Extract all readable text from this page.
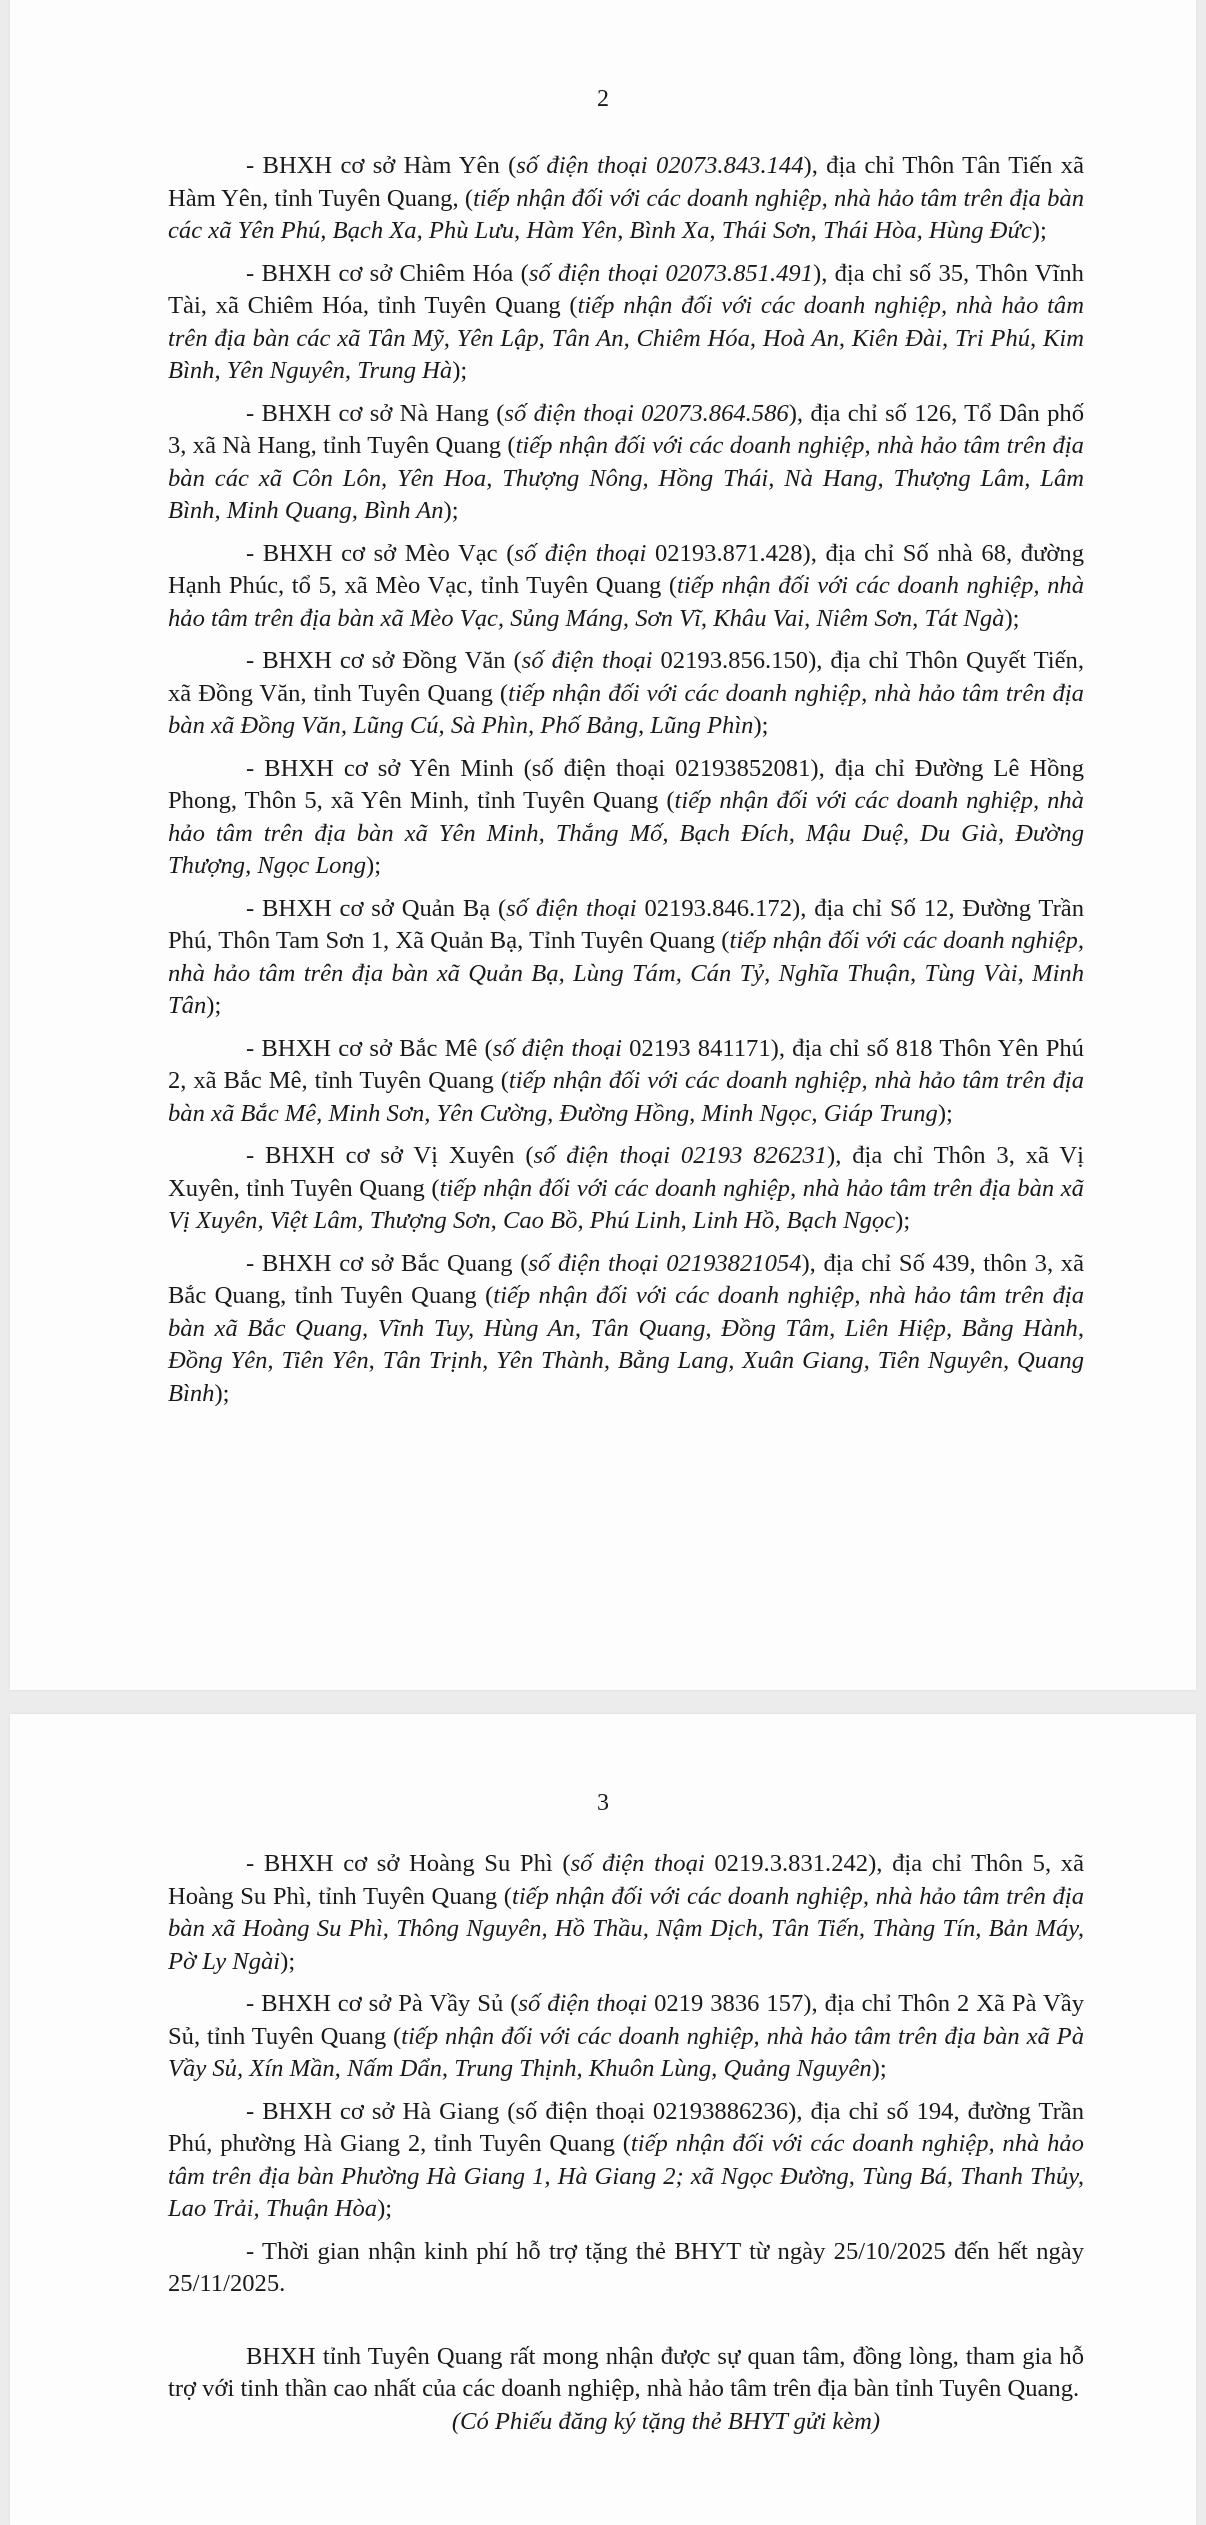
2

- BHXH cơ sở Hàm Yên (số điện thoại 02073.843.144), địa chỉ Thôn Tân Tiến xã Hàm Yên, tỉnh Tuyên Quang, (tiếp nhận đối với các doanh nghiệp, nhà hảo tâm trên địa bàn các xã Yên Phú, Bạch Xa, Phù Lưu, Hàm Yên, Bình Xa, Thái Sơn, Thái Hòa, Hùng Đức);

- BHXH cơ sở Chiêm Hóa (số điện thoại 02073.851.491), địa chỉ số 35, Thôn Vĩnh Tài, xã Chiêm Hóa, tỉnh Tuyên Quang (tiếp nhận đối với các doanh nghiệp, nhà hảo tâm trên địa bàn các xã Tân Mỹ, Yên Lập, Tân An, Chiêm Hóa, Hoà An, Kiên Đài, Tri Phú, Kim Bình, Yên Nguyên, Trung Hà);

- BHXH cơ sở Nà Hang (số điện thoại 02073.864.586), địa chỉ số 126, Tổ Dân phố 3, xã Nà Hang, tỉnh Tuyên Quang (tiếp nhận đối với các doanh nghiệp, nhà hảo tâm trên địa bàn các xã Côn Lôn, Yên Hoa, Thượng Nông, Hồng Thái, Nà Hang, Thượng Lâm, Lâm Bình, Minh Quang, Bình An);

- BHXH cơ sở Mèo Vạc (số điện thoại 02193.871.428), địa chỉ Số nhà 68, đường Hạnh Phúc, tổ 5, xã Mèo Vạc, tỉnh Tuyên Quang (tiếp nhận đối với các doanh nghiệp, nhà hảo tâm trên địa bàn xã Mèo Vạc, Sủng Máng, Sơn Vĩ, Khâu Vai, Niêm Sơn, Tát Ngà);

- BHXH cơ sở Đồng Văn (số điện thoại 02193.856.150), địa chỉ Thôn Quyết Tiến, xã Đồng Văn, tỉnh Tuyên Quang (tiếp nhận đối với các doanh nghiệp, nhà hảo tâm trên địa bàn xã Đồng Văn, Lũng Cú, Sà Phìn, Phố Bảng, Lũng Phìn);

- BHXH cơ sở Yên Minh (số điện thoại 02193852081), địa chỉ Đường Lê Hồng Phong, Thôn 5, xã Yên Minh, tỉnh Tuyên Quang (tiếp nhận đối với các doanh nghiệp, nhà hảo tâm trên địa bàn xã Yên Minh, Thắng Mố, Bạch Đích, Mậu Duệ, Du Già, Đường Thượng, Ngọc Long);

- BHXH cơ sở Quản Bạ (số điện thoại 02193.846.172), địa chỉ Số 12, Đường Trần Phú, Thôn Tam Sơn 1, Xã Quản Bạ, Tỉnh Tuyên Quang (tiếp nhận đối với các doanh nghiệp, nhà hảo tâm trên địa bàn xã Quản Bạ, Lùng Tám, Cán Tỷ, Nghĩa Thuận, Tùng Vài, Minh Tân);

- BHXH cơ sở Bắc Mê (số điện thoại 02193 841171), địa chỉ số 818 Thôn Yên Phú 2, xã Bắc Mê, tỉnh Tuyên Quang (tiếp nhận đối với các doanh nghiệp, nhà hảo tâm trên địa bàn xã Bắc Mê, Minh Sơn, Yên Cường, Đường Hồng, Minh Ngọc, Giáp Trung);

- BHXH cơ sở Vị Xuyên (số điện thoại 02193 826231), địa chỉ Thôn 3, xã Vị Xuyên, tỉnh Tuyên Quang (tiếp nhận đối với các doanh nghiệp, nhà hảo tâm trên địa bàn xã Vị Xuyên, Việt Lâm, Thượng Sơn, Cao Bồ, Phú Linh, Linh Hồ, Bạch Ngọc);

- BHXH cơ sở Bắc Quang (số điện thoại 02193821054), địa chỉ Số 439, thôn 3, xã Bắc Quang, tỉnh Tuyên Quang (tiếp nhận đối với các doanh nghiệp, nhà hảo tâm trên địa bàn xã Bắc Quang, Vĩnh Tuy, Hùng An, Tân Quang, Đồng Tâm, Liên Hiệp, Bằng Hành, Đồng Yên, Tiên Yên, Tân Trịnh, Yên Thành, Bằng Lang, Xuân Giang, Tiên Nguyên, Quang Bình);

3

- BHXH cơ sở Hoàng Su Phì (số điện thoại 0219.3.831.242), địa chỉ Thôn 5, xã Hoàng Su Phì, tỉnh Tuyên Quang (tiếp nhận đối với các doanh nghiệp, nhà hảo tâm trên địa bàn xã Hoàng Su Phì, Thông Nguyên, Hồ Thầu, Nậm Dịch, Tân Tiến, Thàng Tín, Bản Máy, Pờ Ly Ngài);

- BHXH cơ sở Pà Vầy Sủ (số điện thoại 0219 3836 157), địa chỉ Thôn 2 Xã Pà Vầy Sủ, tỉnh Tuyên Quang (tiếp nhận đối với các doanh nghiệp, nhà hảo tâm trên địa bàn xã Pà Vầy Sủ, Xín Mần, Nấm Dẩn, Trung Thịnh, Khuôn Lùng, Quảng Nguyên);

- BHXH cơ sở Hà Giang (số điện thoại 02193886236), địa chỉ số 194, đường Trần Phú, phường Hà Giang 2, tỉnh Tuyên Quang (tiếp nhận đối với các doanh nghiệp, nhà hảo tâm trên địa bàn Phường Hà Giang 1, Hà Giang 2; xã Ngọc Đường, Tùng Bá, Thanh Thủy, Lao Trải, Thuận Hòa);

- Thời gian nhận kinh phí hỗ trợ tặng thẻ BHYT từ ngày 25/10/2025 đến hết ngày 25/11/2025.

BHXH tỉnh Tuyên Quang rất mong nhận được sự quan tâm, đồng lòng, tham gia hỗ trợ với tinh thần cao nhất của các doanh nghiệp, nhà hảo tâm trên địa bàn tỉnh Tuyên Quang.

(Có Phiếu đăng ký tặng thẻ BHYT gửi kèm)
